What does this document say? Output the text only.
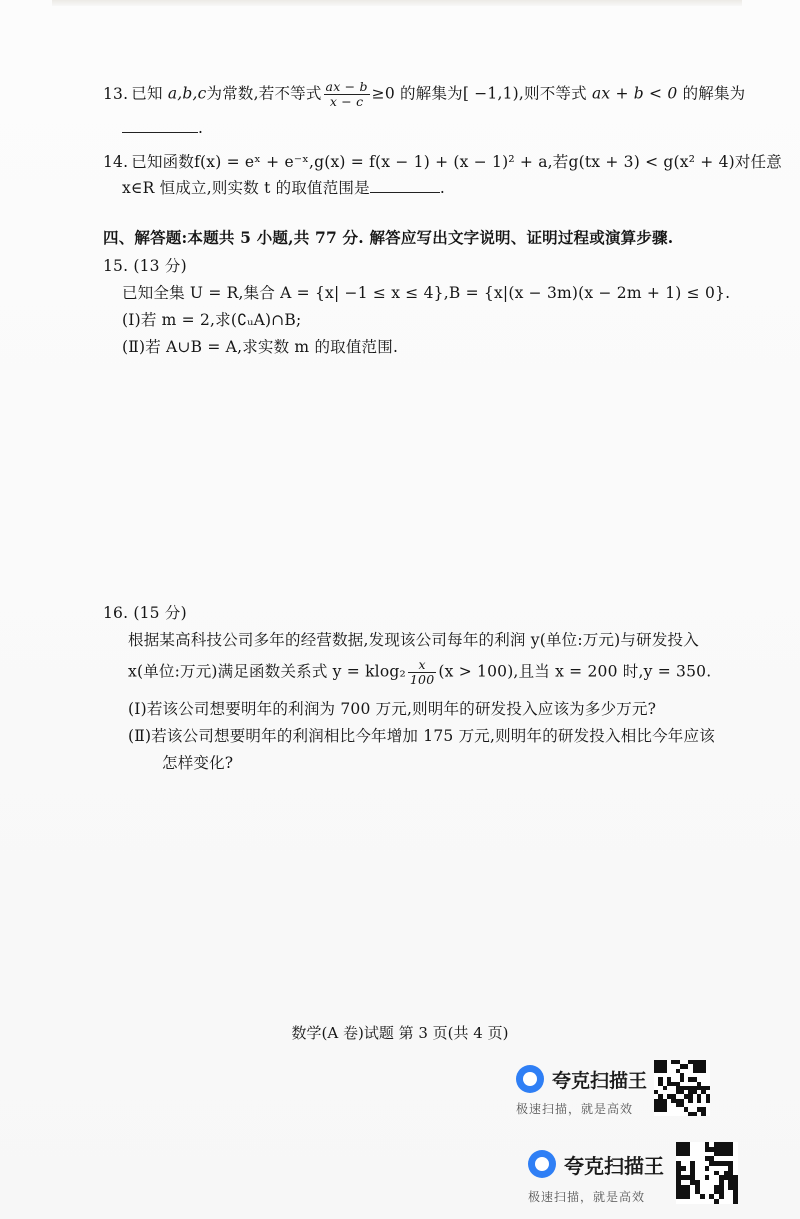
13. 已知 a,b,c为常数,若不等式 $\frac{ax - b}{x - c} \ge 0$ 的解集为[ −1,1),则不等式 ax + b < 0 的解集为
.
14. 已知函数f(x) = eˣ + e⁻ˣ,g(x) = f(x − 1) + (x − 1)² + a,若g(tx + 3) < g(x² + 4)对任意
x∈R 恒成立,则实数 t 的取值范围是	.
四、解答题:本题共 5 小题,共 77 分. 解答应写出文字说明、证明过程或演算步骤.
15. (13 分)
已知全集 U = R,集合 A = {x| −1 ≤ x ≤ 4},B = {x|(x − 3m)(x − 2m + 1) ≤ 0}.
(Ⅰ)若 m = 2,求(∁ᵤA)∩B;
(Ⅱ)若 A∪B = A,求实数 m 的取值范围.
16. (15 分)
根据某高科技公司多年的经营数据,发现该公司每年的利润 y(单位:万元)与研发投入
x(单位:万元)满足函数关系式 $y = klog_2 \frac{x}{100} (x > 100)$,且当 x = 200 时,y = 350.
(Ⅰ)若该公司想要明年的利润为 700 万元,则明年的研发投入应该为多少万元?
(Ⅱ)若该公司想要明年的利润相比今年增加 175 万元,则明年的研发投入相比今年应该
怎样变化?
数学(A 卷)试题 第 3 页(共 4 页)
夸克扫描王
极速扫描，就是高效
夸克扫描王
极速扫描，就是高效
